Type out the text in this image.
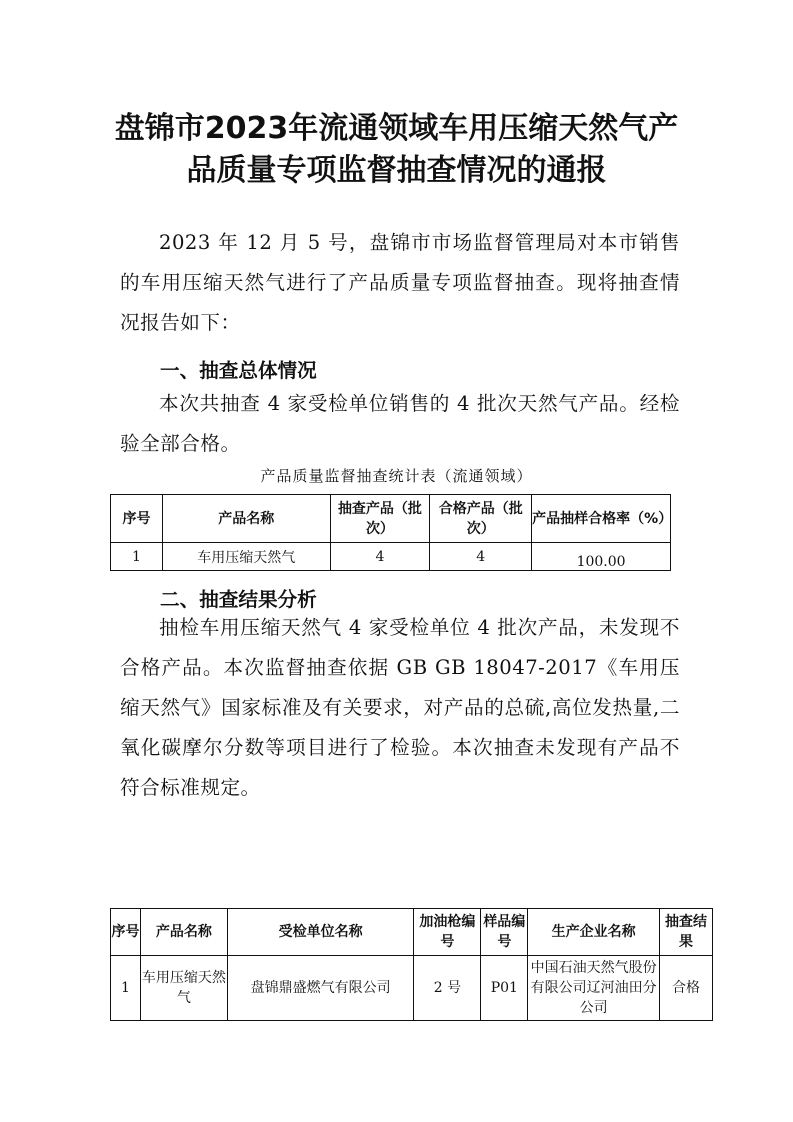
盘锦市2023年流通领域车用压缩天然气产
品质量专项监督抽查情况的通报

2023 年 12 月 5 号，盘锦市市场监督管理局对本市销售的车用压缩天然气进行了产品质量专项监督抽查。现将抽查情况报告如下：

一、抽查总体情况

本次共抽查 4 家受检单位销售的 4 批次天然气产品。经检验全部合格。

产品质量监督抽查统计表（流通领域）

序号	产品名称	抽查产品（批次）	合格产品（批次）	产品抽样合格率（%）
1	车用压缩天然气	4	4	100.00
二、抽查结果分析

抽检车用压缩天然气 4 家受检单位 4 批次产品，未发现不合格产品。本次监督抽查依据 GB GB 18047-2017《车用压缩天然气》国家标准及有关要求，对产品的总硫,高位发热量,二氧化碳摩尔分数等项目进行了检验。本次抽查未发现有产品不符合标准规定。

序号	产品名称	受检单位名称	加油枪编号	样品编号	生产企业名称	抽查结果
1	车用压缩天然气	盘锦鼎盛燃气有限公司	2 号	P01	中国石油天然气股份有限公司辽河油田分公司	合格
